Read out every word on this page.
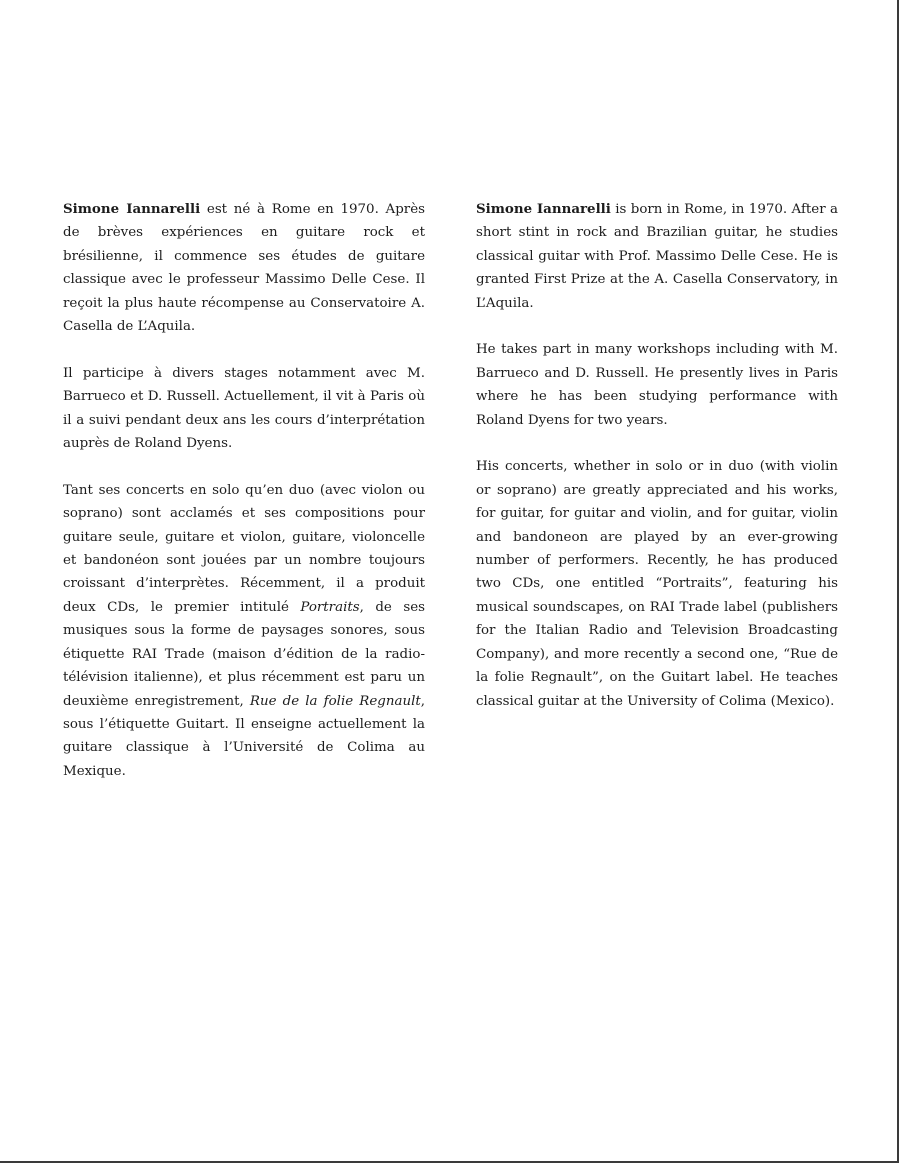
Simone Iannarelli est né à Rome en 1970. Après de brèves expériences en guitare rock et brésilienne, il commence ses études de guitare classique avec le professeur Massimo Delle Cese. Il reçoit la plus haute récompense au Conservatoire A. Casella de L’Aquila.

Il participe à divers stages notamment avec M. Barrueco et D. Russell. Actuellement, il vit à Paris où il a suivi pendant deux ans les cours d’interprétation auprès de Roland Dyens.

Tant ses concerts en solo qu’en duo (avec violon ou soprano) sont acclamés et ses compositions pour guitare seule, guitare et violon, guitare, violoncelle et bandonéon sont jouées par un nombre toujours croissant d’interprètes. Récemment, il a produit deux CDs, le premier intitulé Portraits, de ses musiques sous la forme de paysages sonores, sous étiquette RAI Trade (maison d’édition de la radio-télévision italienne), et plus récemment est paru un deuxième enregistrement, Rue de la folie Regnault, sous l’étiquette Guitart. Il enseigne actuellement la guitare classique à l’Université de Colima au Mexique.

Simone Iannarelli is born in Rome, in 1970. After a short stint in rock and Brazilian guitar, he studies classical guitar with Prof. Massimo Delle Cese. He is granted First Prize at the A. Casella Conservatory, in L’Aquila.

He takes part in many workshops including with M. Barrueco and D. Russell. He presently lives in Paris where he has been studying performance with Roland Dyens for two years.

His concerts, whether in solo or in duo (with violin or soprano) are greatly appreciated and his works, for guitar, for guitar and violin, and for guitar, violin and bandoneon are played by an ever-growing number of performers. Recently, he has produced two CDs, one entitled “Portraits”, featuring his musical soundscapes, on RAI Trade label (publishers for the Italian Radio and Television Broadcasting Company), and more recently a second one, “Rue de la folie Regnault”, on the Guitart label. He teaches classical guitar at the University of Colima (Mexico).
